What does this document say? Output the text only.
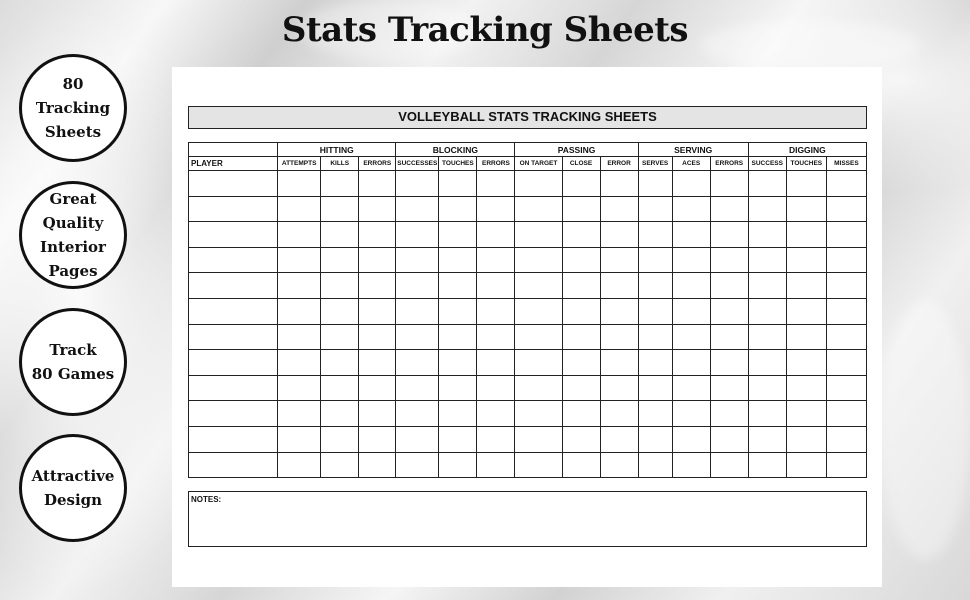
Stats Tracking Sheets
80
Tracking
Sheets
Great
Quality
Interior
Pages
Track
80 Games
Attractive
Design
VOLLEYBALL STATS TRACKING SHEETS
	HITTING			BLOCKING			PASSING			SERVING			DIGGING		
PLAYER	ATTEMPTS	KILLS	ERRORS	SUCCESSES	TOUCHES	ERRORS	ON TARGET	CLOSE	ERROR	SERVES	ACES	ERRORS	SUCCESS	TOUCHES	MISSES

NOTES:
